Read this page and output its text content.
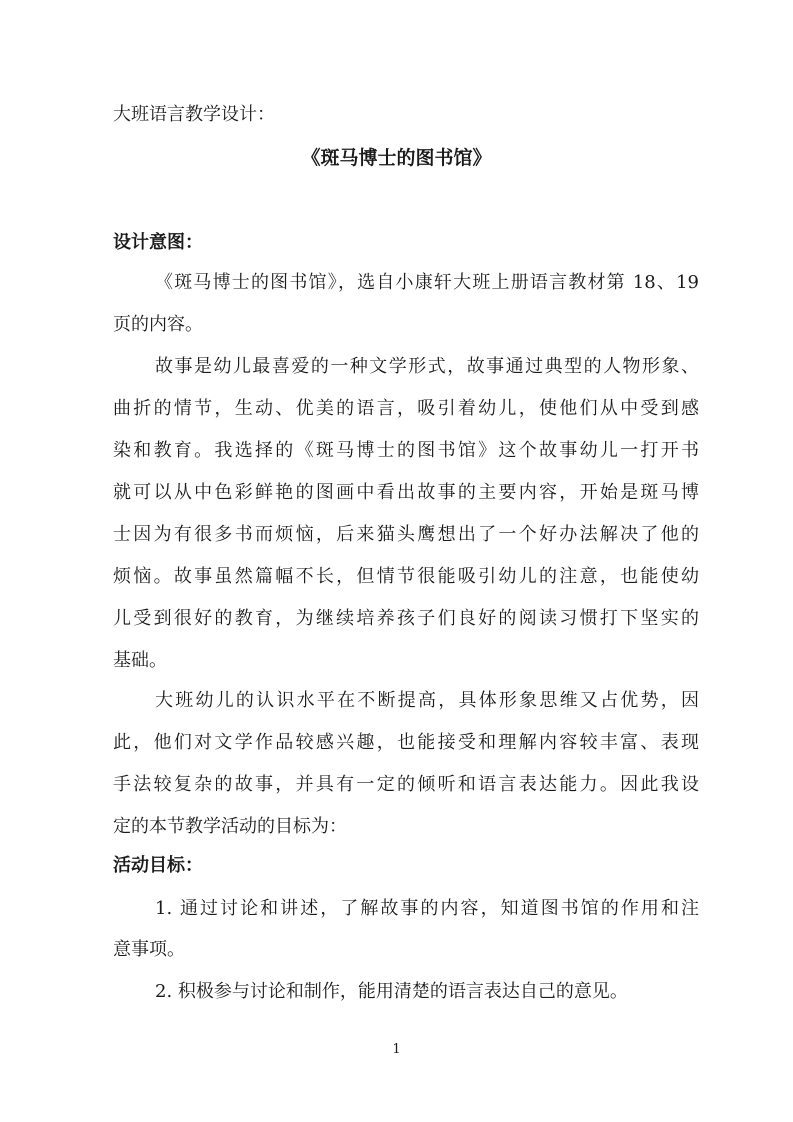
大班语言教学设计：
《斑马博士的图书馆》
设计意图：
《斑马博士的图书馆》，选自小康轩大班上册语言教材第 18、19
页的内容。
故事是幼儿最喜爱的一种文学形式，故事通过典型的人物形象、
曲折的情节，生动、优美的语言，吸引着幼儿，使他们从中受到感
染和教育。我选择的《斑马博士的图书馆》这个故事幼儿一打开书
就可以从中色彩鲜艳的图画中看出故事的主要内容，开始是斑马博
士因为有很多书而烦恼，后来猫头鹰想出了一个好办法解决了他的
烦恼。故事虽然篇幅不长，但情节很能吸引幼儿的注意，也能使幼
儿受到很好的教育，为继续培养孩子们良好的阅读习惯打下坚实的
基础。
大班幼儿的认识水平在不断提高，具体形象思维又占优势，因
此，他们对文学作品较感兴趣，也能接受和理解内容较丰富、表现
手法较复杂的故事，并具有一定的倾听和语言表达能力。因此我设
定的本节教学活动的目标为：
活动目标：
1. 通过讨论和讲述，了解故事的内容，知道图书馆的作用和注
意事项。
2. 积极参与讨论和制作，能用清楚的语言表达自己的意见。
1
